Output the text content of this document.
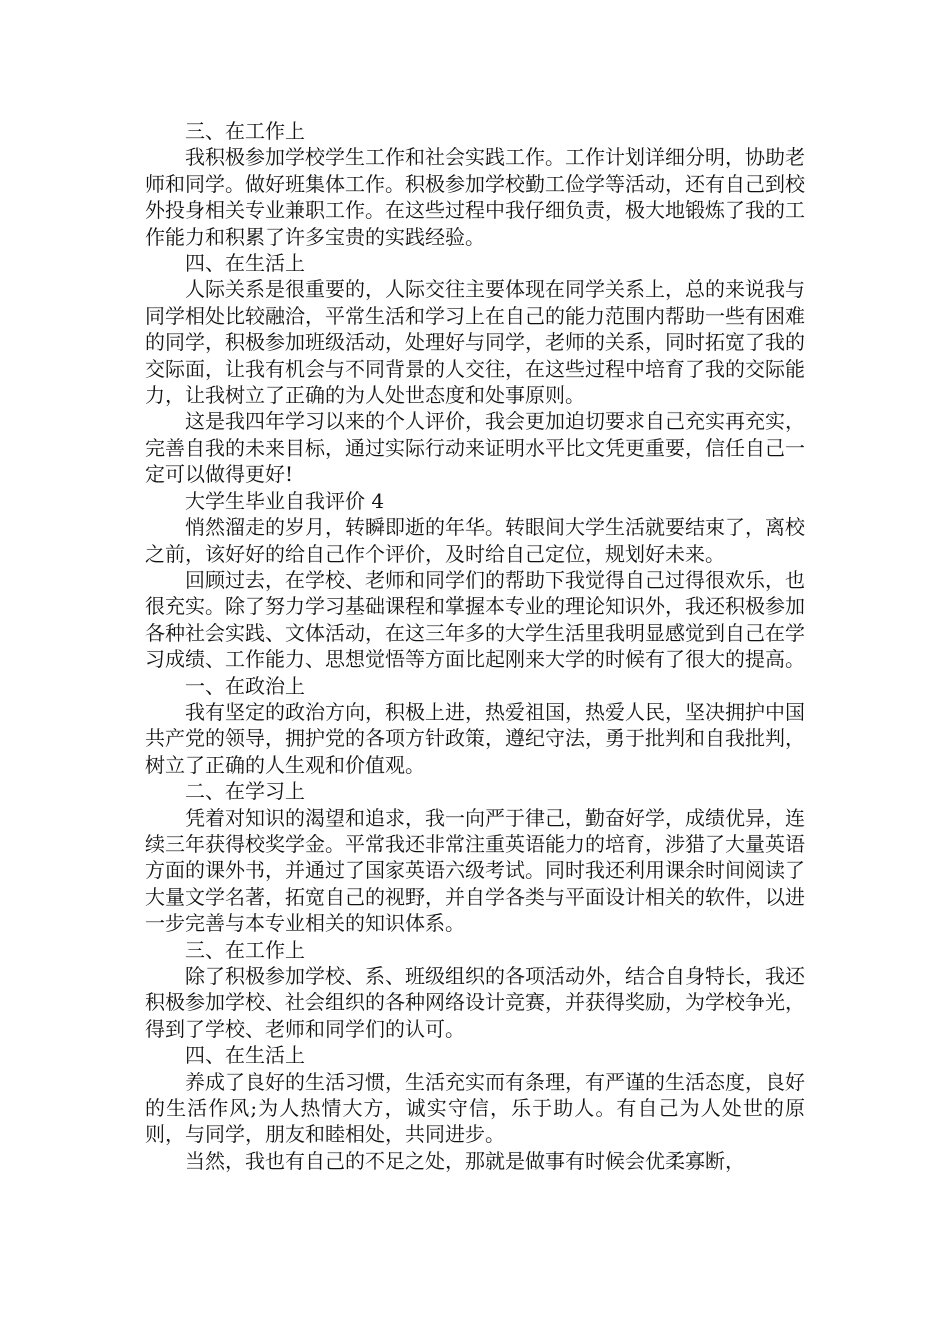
三、在工作上

我积极参加学校学生工作和社会实践工作。工作计划详细分明，协助老师和同学。做好班集体工作。积极参加学校勤工俭学等活动，还有自己到校外投身相关专业兼职工作。在这些过程中我仔细负责，极大地锻炼了我的工作能力和积累了许多宝贵的实践经验。

四、在生活上

人际关系是很重要的，人际交往主要体现在同学关系上，总的来说我与同学相处比较融洽，平常生活和学习上在自己的能力范围内帮助一些有困难的同学，积极参加班级活动，处理好与同学，老师的关系，同时拓宽了我的交际面，让我有机会与不同背景的人交往，在这些过程中培育了我的交际能力，让我树立了正确的为人处世态度和处事原则。

这是我四年学习以来的个人评价，我会更加迫切要求自己充实再充实，完善自我的未来目标，通过实际行动来证明水平比文凭更重要，信任自己一定可以做得更好!

大学生毕业自我评价 4

悄然溜走的岁月，转瞬即逝的年华。转眼间大学生活就要结束了，离校之前，该好好的给自己作个评价，及时给自己定位，规划好未来。

回顾过去，在学校、老师和同学们的帮助下我觉得自己过得很欢乐，也很充实。除了努力学习基础课程和掌握本专业的理论知识外，我还积极参加各种社会实践、文体活动，在这三年多的大学生活里我明显感觉到自己在学习成绩、工作能力、思想觉悟等方面比起刚来大学的时候有了很大的提高。

一、在政治上

我有坚定的政治方向，积极上进，热爱祖国，热爱人民，坚决拥护中国共产党的领导，拥护党的各项方针政策，遵纪守法，勇于批判和自我批判，树立了正确的人生观和价值观。

二、在学习上

凭着对知识的渴望和追求，我一向严于律己，勤奋好学，成绩优异，连续三年获得校奖学金。平常我还非常注重英语能力的培育，涉猎了大量英语方面的课外书，并通过了国家英语六级考试。同时我还利用课余时间阅读了大量文学名著，拓宽自己的视野，并自学各类与平面设计相关的软件，以进一步完善与本专业相关的知识体系。

三、在工作上

除了积极参加学校、系、班级组织的各项活动外，结合自身特长，我还积极参加学校、社会组织的各种网络设计竞赛，并获得奖励，为学校争光，得到了学校、老师和同学们的认可。

四、在生活上

养成了良好的生活习惯，生活充实而有条理，有严谨的生活态度，良好的生活作风;为人热情大方，诚实守信，乐于助人。有自己为人处世的原则，与同学，朋友和睦相处，共同进步。

当然，我也有自己的不足之处，那就是做事有时候会优柔寡断，
